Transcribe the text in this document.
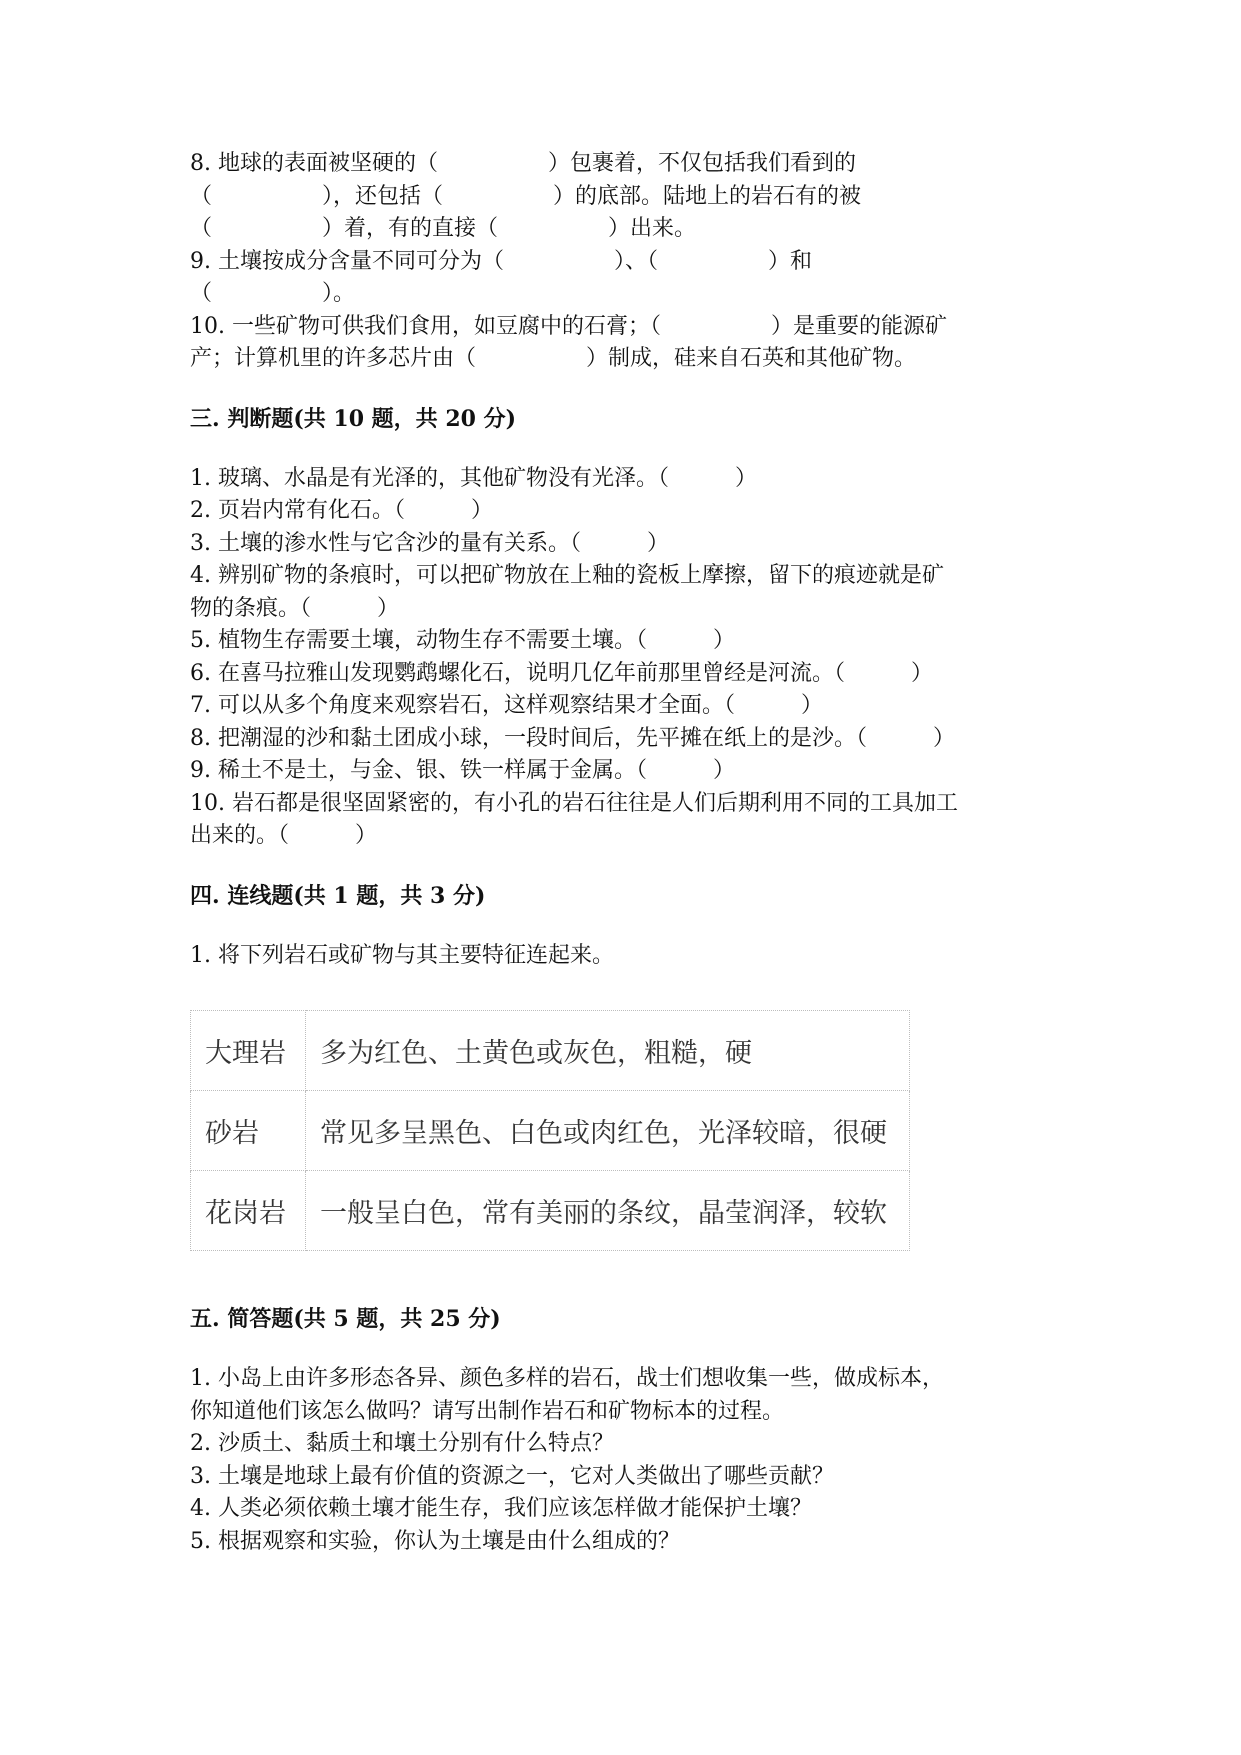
8. 地球的表面被坚硬的（　　　　　）包裹着，不仅包括我们看到的
（　　　　　），还包括（　　　　　）的底部。陆地上的岩石有的被
（　　　　　）着，有的直接（　　　　　）出来。
9. 土壤按成分含量不同可分为（　　　　　）、（　　　　　）和
（　　　　　）。
10. 一些矿物可供我们食用，如豆腐中的石膏；（　　　　　）是重要的能源矿
产；计算机里的许多芯片由（　　　　　）制成，硅来自石英和其他矿物。
三. 判断题(共 10 题，共 20 分)
1. 玻璃、水晶是有光泽的，其他矿物没有光泽。（　　　）
2. 页岩内常有化石。（　　　）
3. 土壤的渗水性与它含沙的量有关系。（　　　）
4. 辨别矿物的条痕时，可以把矿物放在上釉的瓷板上摩擦，留下的痕迹就是矿
物的条痕。（　　　）
5. 植物生存需要土壤，动物生存不需要土壤。（　　　）
6. 在喜马拉雅山发现鹦鹉螺化石，说明几亿年前那里曾经是河流。（　　　）
7. 可以从多个角度来观察岩石，这样观察结果才全面。（　　　）
8. 把潮湿的沙和黏土团成小球，一段时间后，先平摊在纸上的是沙。（　　　）
9. 稀土不是土，与金、银、铁一样属于金属。（　　　）
10. 岩石都是很坚固紧密的，有小孔的岩石往往是人们后期利用不同的工具加工
出来的。（　　　）
四. 连线题(共 1 题，共 3 分)
1. 将下列岩石或矿物与其主要特征连起来。
大理岩	多为红色、土黄色或灰色，粗糙，硬
砂岩	常见多呈黑色、白色或肉红色，光泽较暗，很硬
花岗岩	一般呈白色，常有美丽的条纹，晶莹润泽，较软
五. 简答题(共 5 题，共 25 分)
1. 小岛上由许多形态各异、颜色多样的岩石，战士们想收集一些，做成标本，
你知道他们该怎么做吗？请写出制作岩石和矿物标本的过程。
2. 沙质土、黏质土和壤土分别有什么特点？
3. 土壤是地球上最有价值的资源之一，它对人类做出了哪些贡献？
4. 人类必须依赖土壤才能生存，我们应该怎样做才能保护土壤？
5. 根据观察和实验，你认为土壤是由什么组成的？
